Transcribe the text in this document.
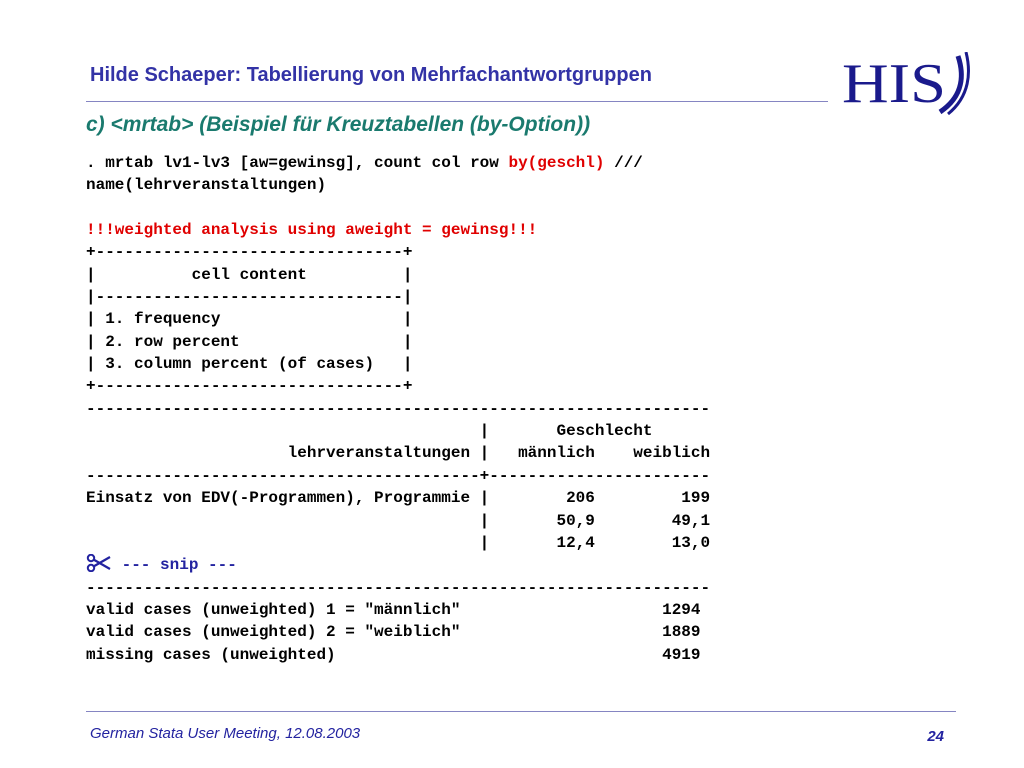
Hilde Schaeper: Tabellierung von Mehrfachantwortgruppen	HIS
c) <mrtab> (Beispiel für Kreuztabellen (by-Option))
. mrtab lv1-lv3 [aw=gewinsg], count col row by(geschl) ///
name(lehrveranstaltungen)
!!!weighted analysis using aweight = gewinsg!!!
+--------------------------------+
|          cell content          |
|--------------------------------|
| 1. frequency                   |
| 2. row percent                 |
| 3. column percent (of cases)   |
+--------------------------------+
-----------------------------------------------------------------
|       Geschlecht
lehrveranstaltungen |   männlich    weiblich
-----------------------------------------+-----------------------
Einsatz von EDV(-Programmen), Programmie |        206         199
|       50,9        49,1
|       12,4        13,0
--- snip ---
-----------------------------------------------------------------
valid cases (unweighted) 1 = "männlich"                     1294
valid cases (unweighted) 2 = "weiblich"                     1889
missing cases (unweighted)                                  4919
German Stata User Meeting, 12.08.2003	24
